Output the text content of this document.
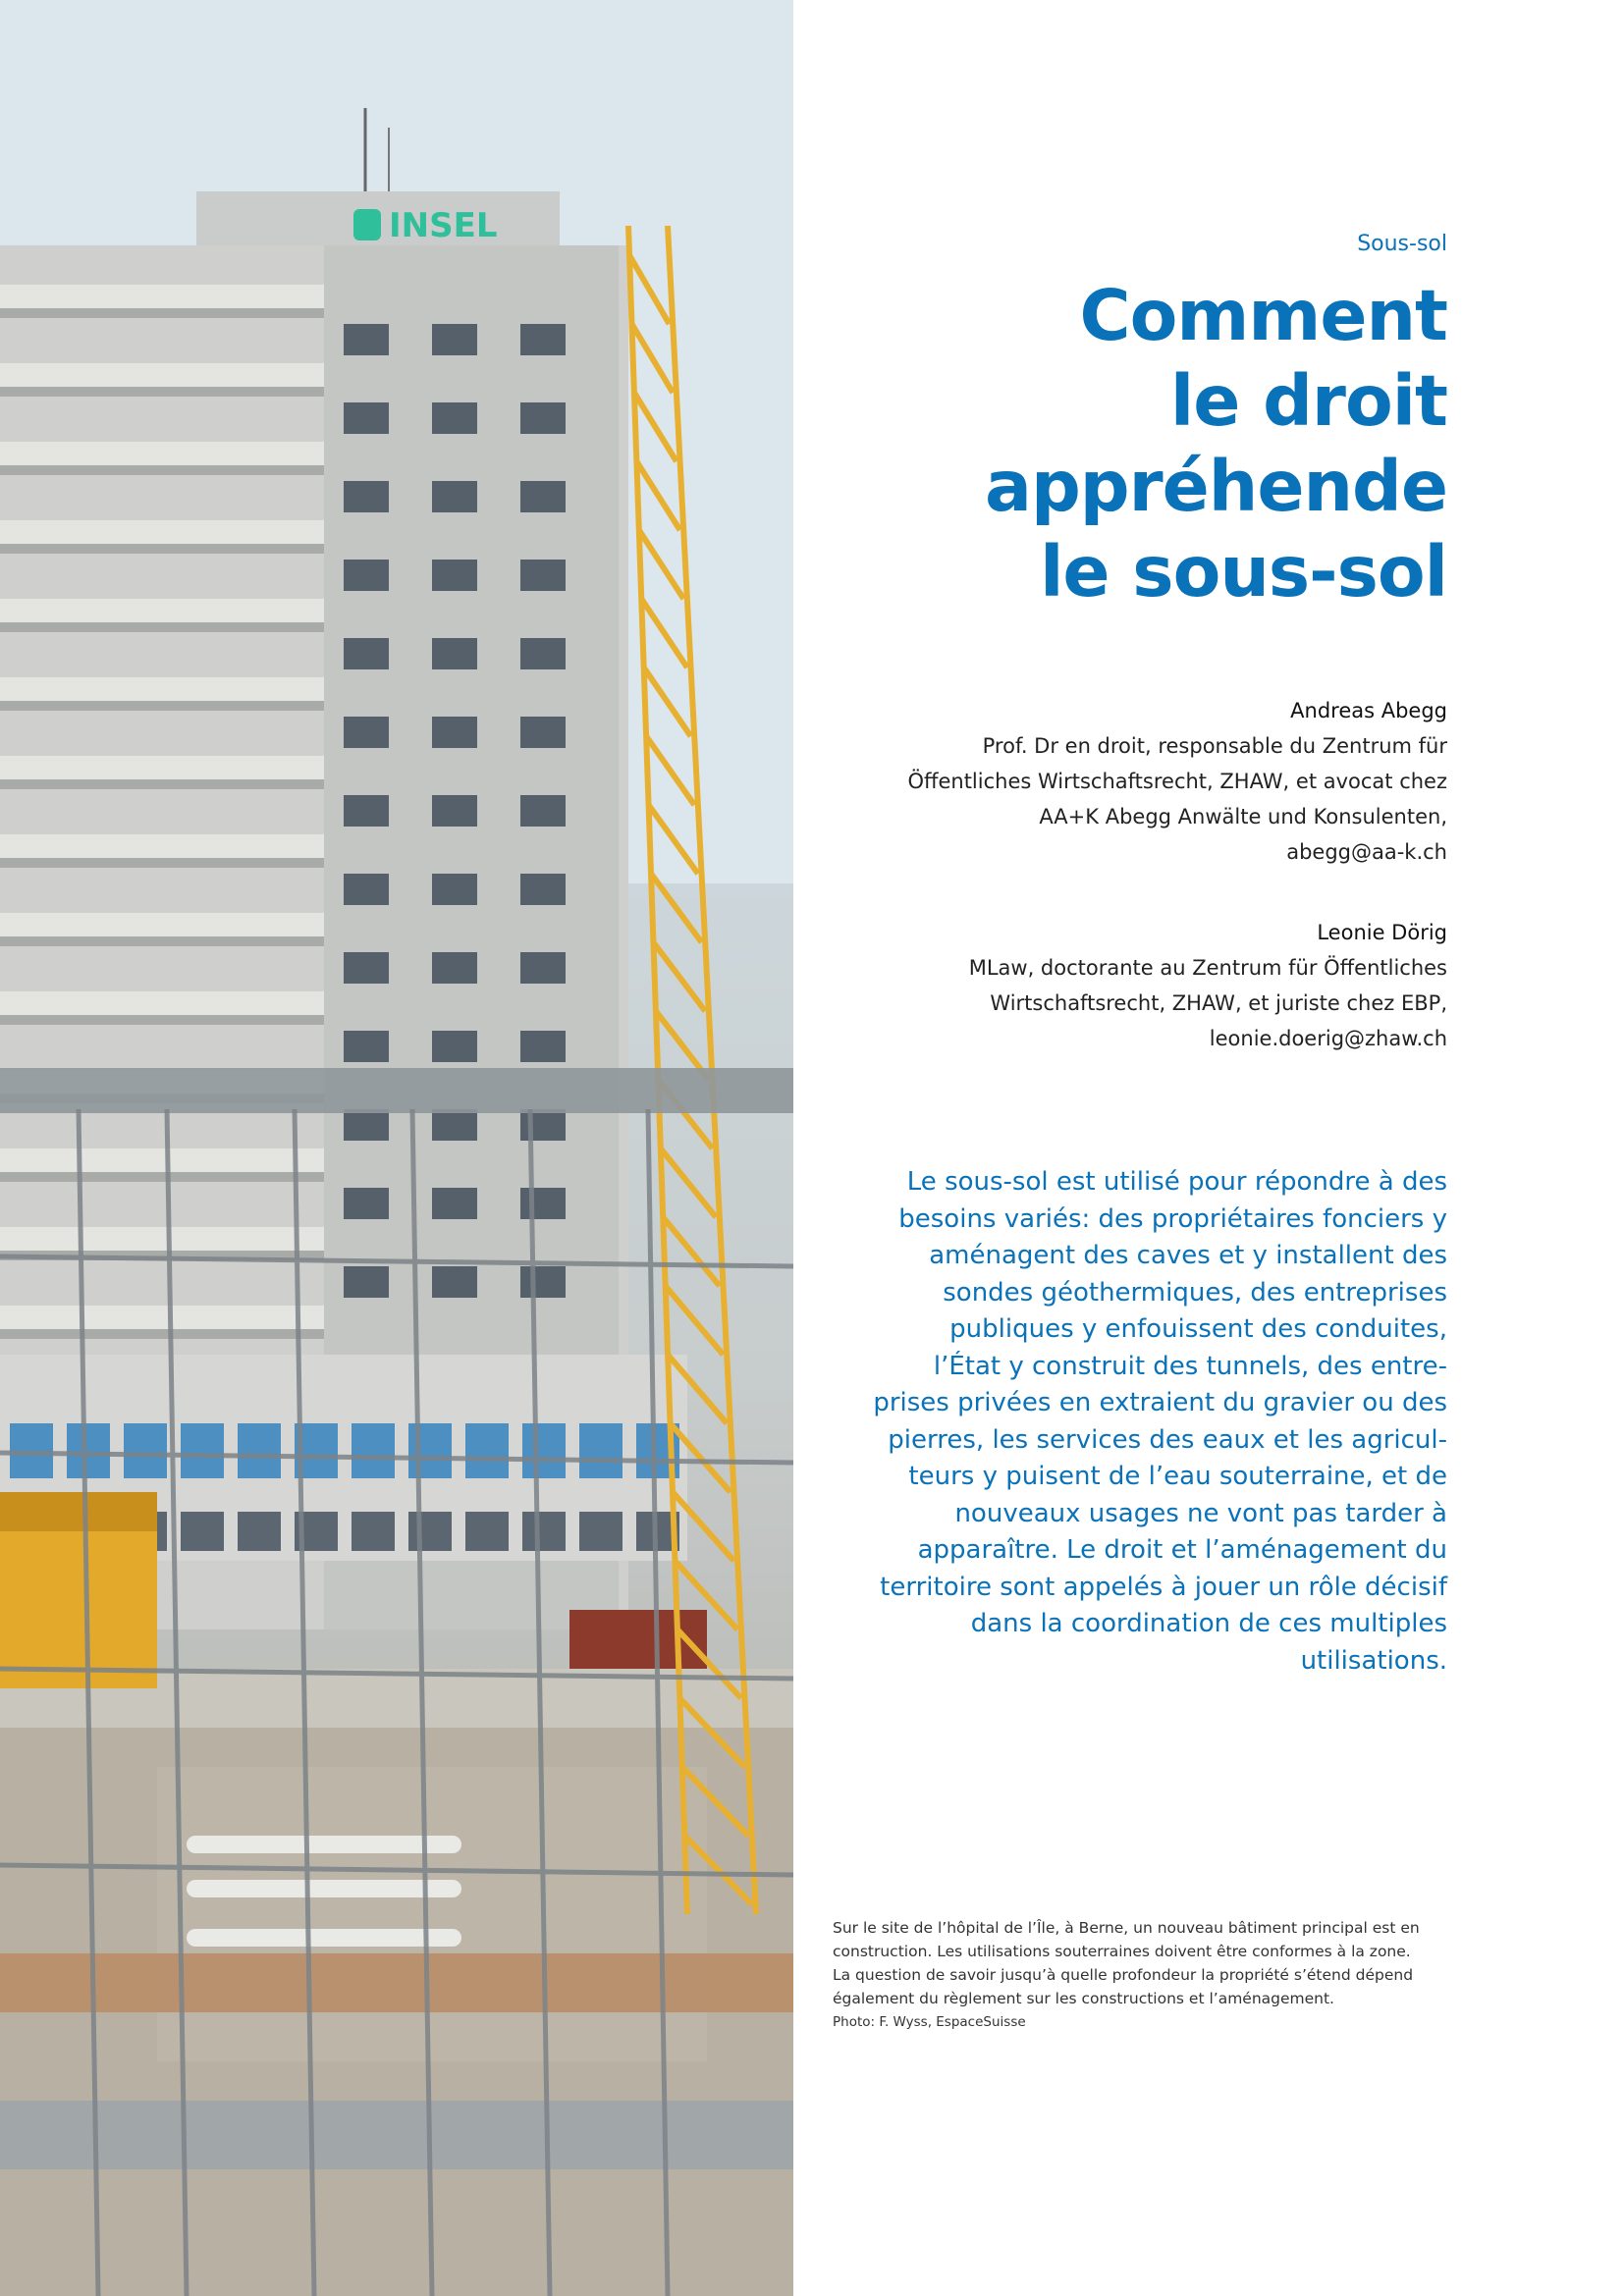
INSEL	Sous-sol
Comment
le droit
appréhende
le sous-sol
Andreas Abegg
Prof. Dr en droit, responsable du Zentrum für
Öffentliches Wirtschaftsrecht, ZHAW, et avocat chez
AA+K Abegg Anwälte und Konsulenten,
abegg@aa-k.ch
Leonie Dörig
MLaw, doctorante au Zentrum für Öffentliches
Wirtschaftsrecht, ZHAW, et juriste chez EBP,
leonie.doerig@zhaw.ch
Le sous-sol est utilisé pour répondre à des
besoins variés: des propriétaires fonciers y
aménagent des caves et y installent des
sondes géothermiques, des entreprises
publiques y enfouissent des conduites,
l’État y construit des tunnels, des entre-
prises privées en extraient du gravier ou des
pierres, les services des eaux et les agricul-
teurs y puisent de l’eau souterraine, et de
nouveaux usages ne vont pas tarder à
apparaître. Le droit et l’aménagement du
territoire sont appelés à jouer un rôle décisif
dans la coordination de ces multiples
utilisations.
Sur le site de l’hôpital de l’Île, à Berne, un nouveau bâtiment principal est en
construction. Les utilisations souterraines doivent être conformes à la zone.
La question de savoir jusqu’à quelle profondeur la propriété s’étend dépend
également du règlement sur les constructions et l’aménagement.
Photo: F. Wyss, EspaceSuisse
